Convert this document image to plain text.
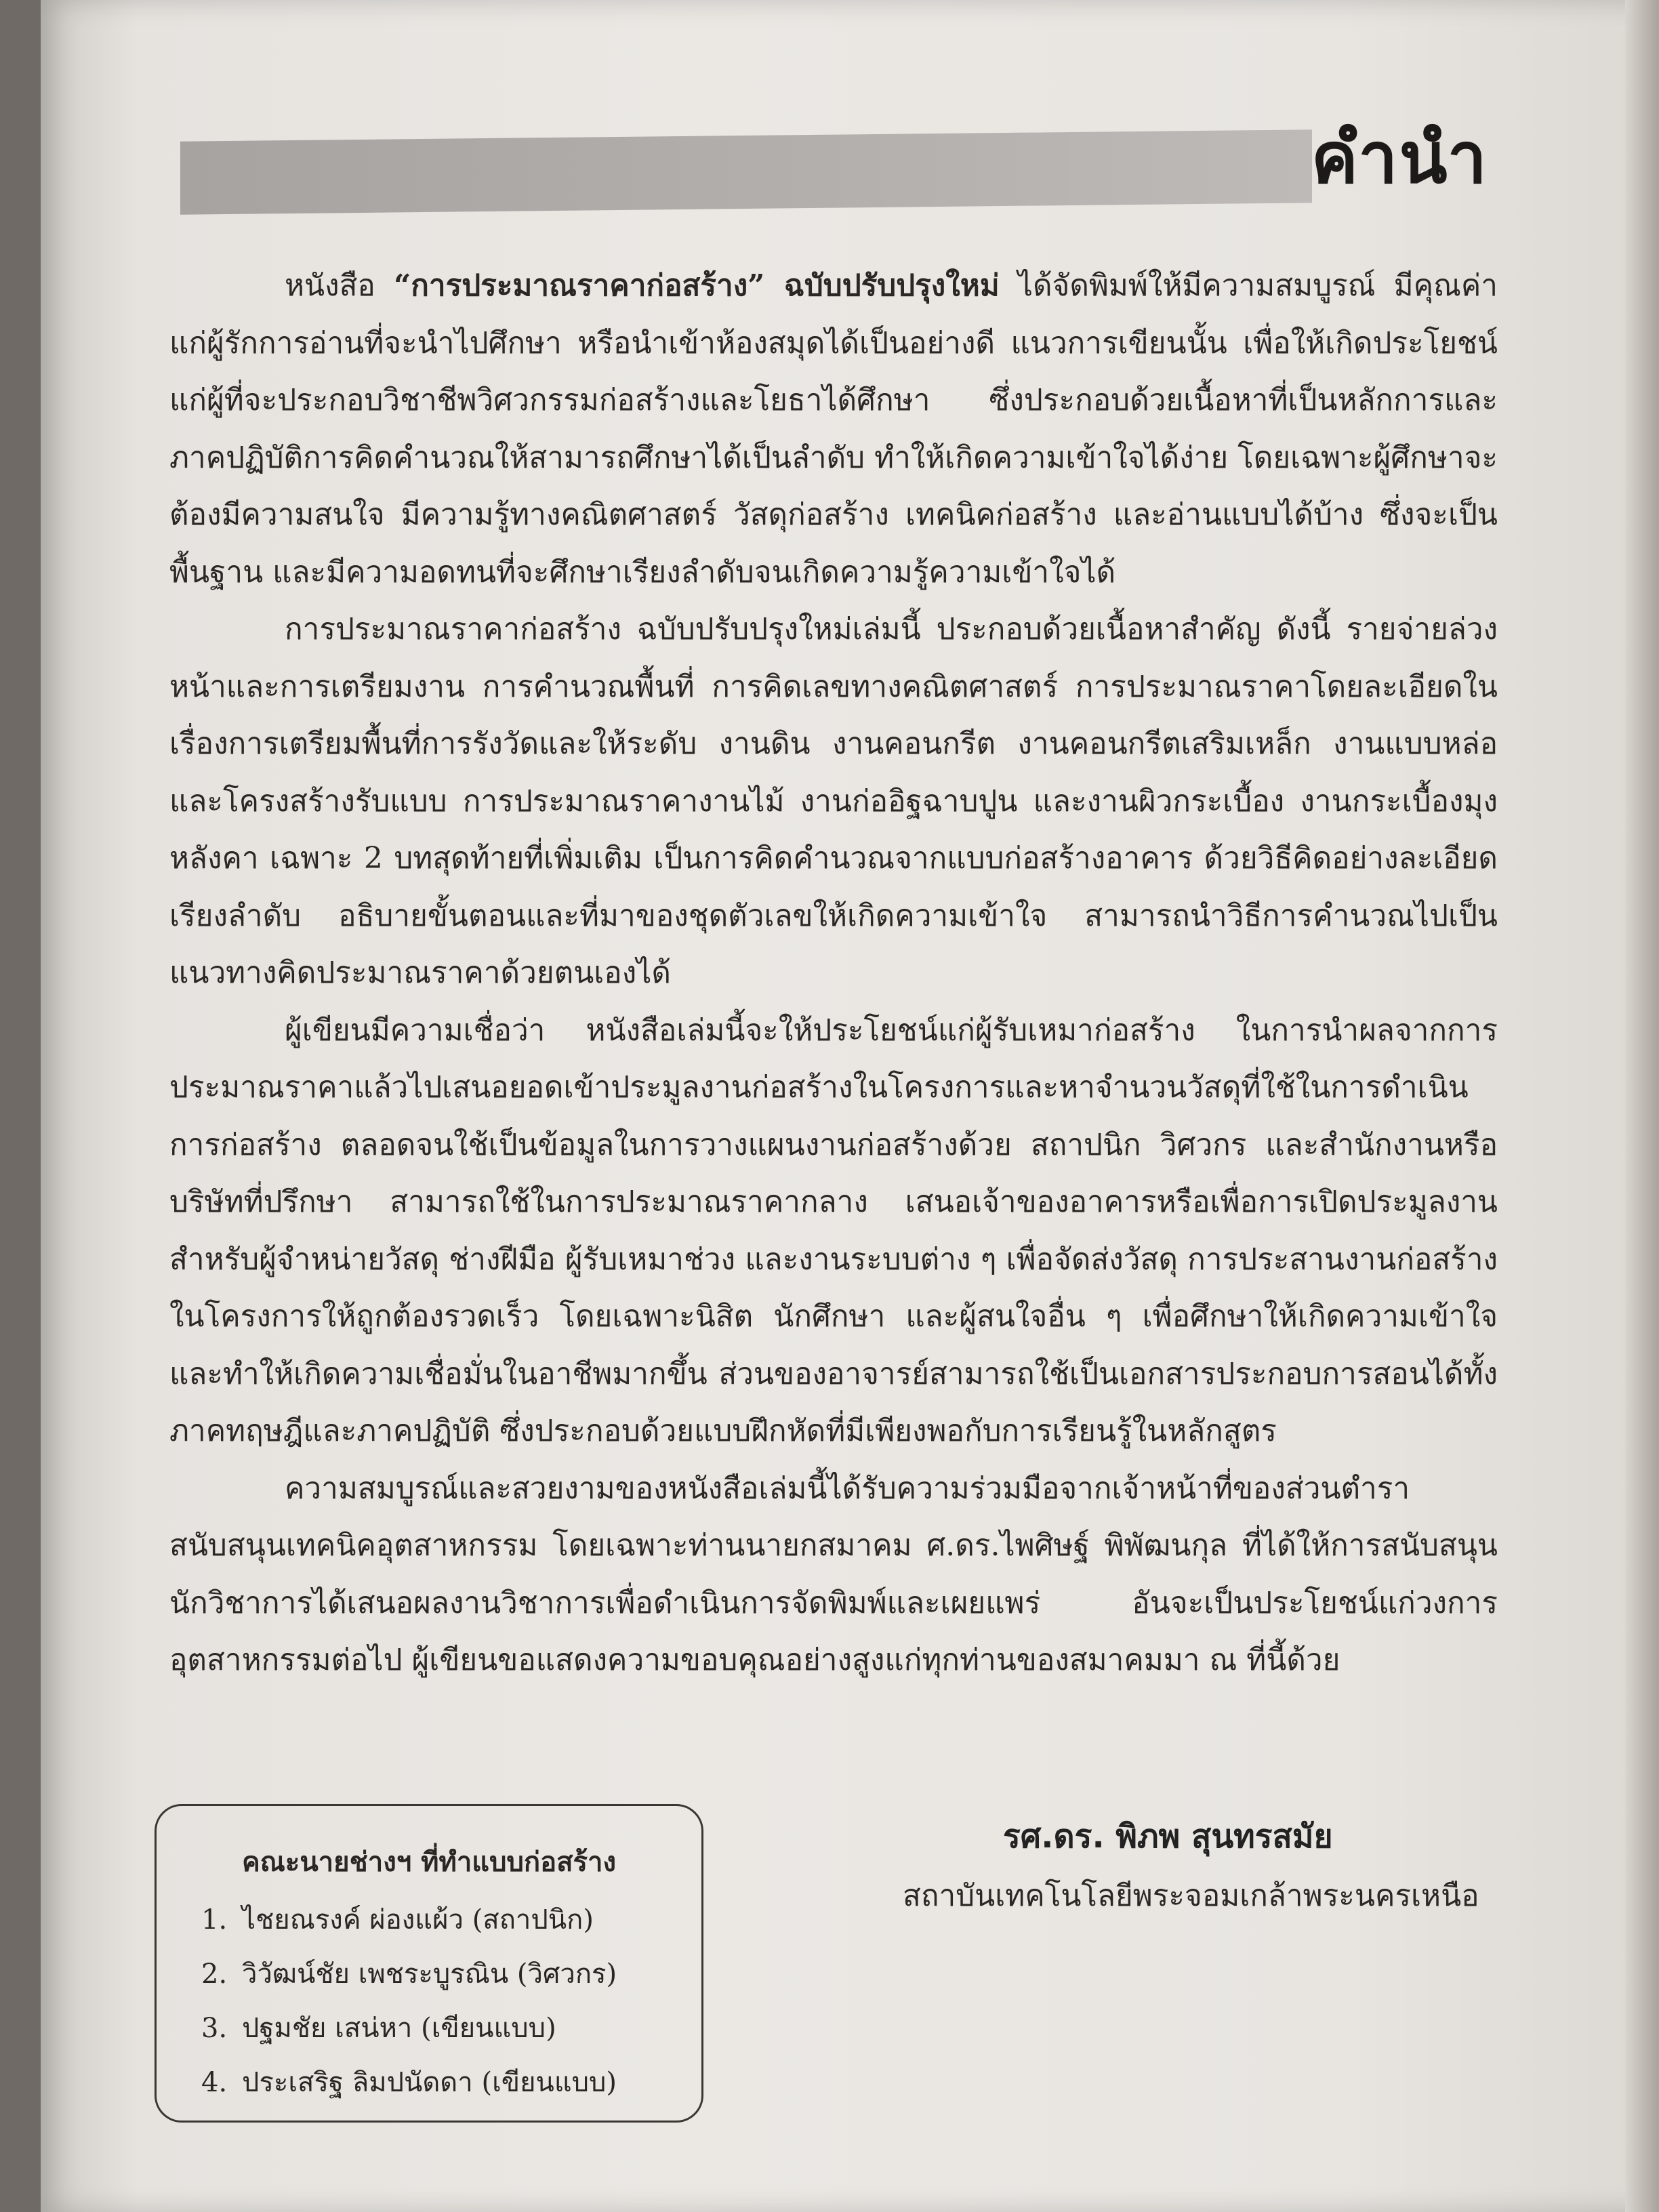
คำนำ

หนังสือ “การประมาณราคาก่อสร้าง” ฉบับปรับปรุงใหม่ ได้จัดพิมพ์ให้มีความสมบูรณ์ มีคุณค่าแก่ผู้รักการอ่านที่จะนำไปศึกษา หรือนำเข้าห้องสมุดได้เป็นอย่างดี แนวการเขียนนั้น เพื่อให้เกิดประโยชน์แก่ผู้ที่จะประกอบวิชาชีพวิศวกรรมก่อสร้างและโยธาได้ศึกษา ซึ่งประกอบด้วยเนื้อหาที่เป็นหลักการและภาคปฏิบัติการคิดคำนวณให้สามารถศึกษาได้เป็นลำดับ ทำให้เกิดความเข้าใจได้ง่าย โดยเฉพาะผู้ศึกษาจะต้องมีความสนใจ มีความรู้ทางคณิตศาสตร์ วัสดุก่อสร้าง เทคนิคก่อสร้าง และอ่านแบบได้บ้าง ซึ่งจะเป็นพื้นฐาน และมีความอดทนที่จะศึกษาเรียงลำดับจนเกิดความรู้ความเข้าใจได้

การประมาณราคาก่อสร้าง ฉบับปรับปรุงใหม่เล่มนี้ ประกอบด้วยเนื้อหาสำคัญ ดังนี้ รายจ่ายล่วงหน้าและการเตรียมงาน การคำนวณพื้นที่ การคิดเลขทางคณิตศาสตร์ การประมาณราคาโดยละเอียดในเรื่องการเตรียมพื้นที่การรังวัดและให้ระดับ งานดิน งานคอนกรีต งานคอนกรีตเสริมเหล็ก งานแบบหล่อและโครงสร้างรับแบบ การประมาณราคางานไม้ งานก่ออิฐฉาบปูน และงานผิวกระเบื้อง งานกระเบื้องมุงหลังคา เฉพาะ 2 บทสุดท้ายที่เพิ่มเติม เป็นการคิดคำนวณจากแบบก่อสร้างอาคาร ด้วยวิธีคิดอย่างละเอียดเรียงลำดับ อธิบายขั้นตอนและที่มาของชุดตัวเลขให้เกิดความเข้าใจ สามารถนำวิธีการคำนวณไปเป็นแนวทางคิดประมาณราคาด้วยตนเองได้

ผู้เขียนมีความเชื่อว่า หนังสือเล่มนี้จะให้ประโยชน์แก่ผู้รับเหมาก่อสร้าง ในการนำผลจากการประมาณราคาแล้วไปเสนอยอดเข้าประมูลงานก่อสร้างในโครงการและหาจำนวนวัสดุที่ใช้ในการดำเนินการก่อสร้าง ตลอดจนใช้เป็นข้อมูลในการวางแผนงานก่อสร้างด้วย สถาปนิก วิศวกร และสำนักงานหรือบริษัทที่ปรึกษา สามารถใช้ในการประมาณราคากลาง เสนอเจ้าของอาคารหรือเพื่อการเปิดประมูลงาน สำหรับผู้จำหน่ายวัสดุ ช่างฝีมือ ผู้รับเหมาช่วง และงานระบบต่าง ๆ เพื่อจัดส่งวัสดุ การประสานงานก่อสร้างในโครงการให้ถูกต้องรวดเร็ว โดยเฉพาะนิสิต นักศึกษา และผู้สนใจอื่น ๆ เพื่อศึกษาให้เกิดความเข้าใจ และทำให้เกิดความเชื่อมั่นในอาชีพมากขึ้น ส่วนของอาจารย์สามารถใช้เป็นเอกสารประกอบการสอนได้ทั้งภาคทฤษฎีและภาคปฏิบัติ ซึ่งประกอบด้วยแบบฝึกหัดที่มีเพียงพอกับการเรียนรู้ในหลักสูตร

ความสมบูรณ์และสวยงามของหนังสือเล่มนี้ได้รับความร่วมมือจากเจ้าหน้าที่ของส่วนตำราสนับสนุนเทคนิคอุตสาหกรรม โดยเฉพาะท่านนายกสมาคม ศ.ดร.ไพศิษฐ์ พิพัฒนกุล ที่ได้ให้การสนับสนุนนักวิชาการได้เสนอผลงานวิชาการเพื่อดำเนินการจัดพิมพ์และเผยแพร่ อันจะเป็นประโยชน์แก่วงการอุตสาหกรรมต่อไป ผู้เขียนขอแสดงความขอบคุณอย่างสูงแก่ทุกท่านของสมาคมมา ณ ที่นี้ด้วย

คณะนายช่างฯ ที่ทำแบบก่อสร้าง
1. ไชยณรงค์ ผ่องแผ้ว (สถาปนิก)
2. วิวัฒน์ชัย เพชระบูรณิน (วิศวกร)
3. ปฐมชัย เสน่หา (เขียนแบบ)
4. ประเสริฐ ลิมปนัดดา (เขียนแบบ)
รศ.ดร. พิภพ สุนทรสมัย
สถาบันเทคโนโลยีพระจอมเกล้าพระนครเหนือ
